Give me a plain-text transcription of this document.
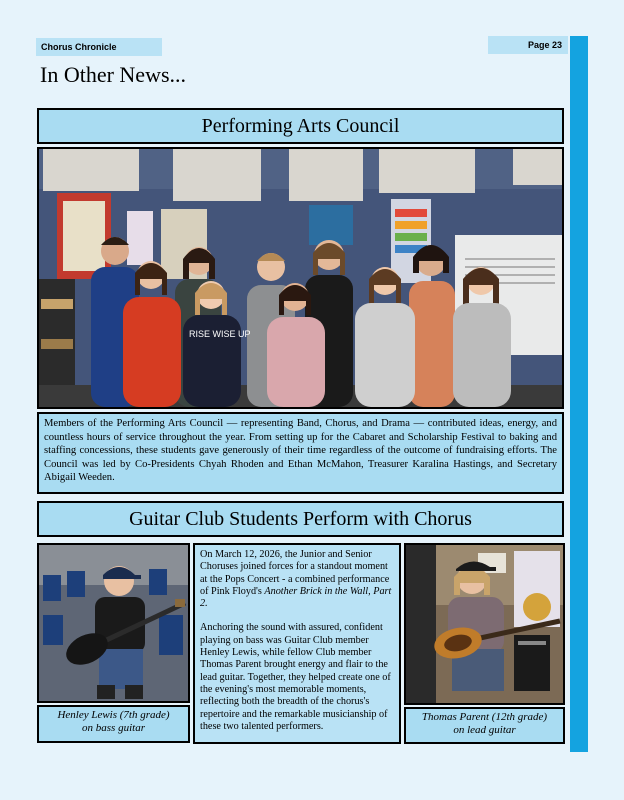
Chorus Chronicle	Page 23
In Other News...
Performing Arts Council
RISE WISE UP
Members of the Performing Arts Council — representing Band, Chorus, and Drama — contributed ideas, energy, and countless hours of service throughout the year. From setting up for the Cabaret and Scholarship Festival to baking and staffing concessions, these students gave generously of their time regardless of the outcome of fundraising efforts. The Council was led by Co-Presidents Chyah Rhoden and Ethan McMahon, Treasurer Karalina Hastings, and Secretary Abigail Weeden.
Guitar Club Students Perform with Chorus

On March 12, 2026, the Junior and Senior Choruses joined forces for a standout moment at the Pops Concert - a combined performance of Pink Floyd's Another Brick in the Wall, Part 2.

Anchoring the sound with assured, confident playing on bass was Guitar Club member Henley Lewis, while fellow Club member Thomas Parent brought energy and flair to the lead guitar. Together, they helped create one of the evening's most memorable moments, reflecting both the breadth of the chorus's repertoire and the remarkable musicianship of these two talented performers.

Henley Lewis (7th grade)
on bass guitar
Thomas Parent (12th grade)
on lead guitar
